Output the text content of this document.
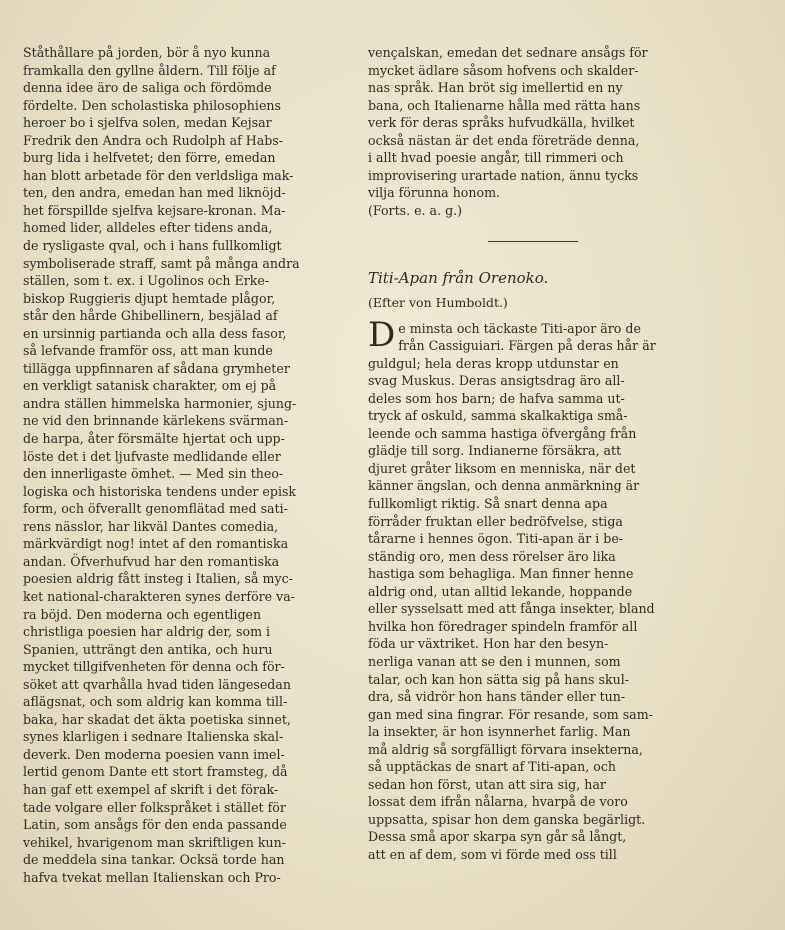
Ståthållare på jorden, bör å nyo kunna
framkalla den gyllne åldern. Till följe af
denna idee äro de saliga och fördömde
fördelte. Den scholastiska philosophiens
heroer bo i sjelfva solen, medan Kejsar
Fredrik den Andra och Rudolph af Habs-
burg lida i helfvetet; den förre, emedan
han blott arbetade för den verldsliga mak-
ten, den andra, emedan han med liknöjd-
het förspillde sjelfva kejsare-kronan. Ma-
homed lider, alldeles efter tidens anda,
de rysligaste qval, och i hans fullkomligt
symboliserade straff, samt på många andra
ställen, som t. ex. i Ugolinos och Erke-
biskop Ruggieris djupt hemtade plågor,
står den hårde Ghibellinern, besjälad af
en ursinnig partianda och alla dess fasor,
så lefvande framför oss, att man kunde
tillägga uppfinnaren af sådana grymheter
en verkligt satanisk charakter, om ej på
andra ställen himmelska harmonier, sjung-
ne vid den brinnande kärlekens svärman-
de harpa, åter försmälte hjertat och upp-
löste det i det ljufvaste medlidande eller
den innerligaste ömhet. — Med sin theo-
logiska och historiska tendens under episk
form, och öfverallt genomflätad med sati-
rens nässlor, har likväl Dantes comedia,
märkvärdigt nog! intet af den romantiska
andan. Öfverhufvud har den romantiska
poesien aldrig fått insteg i Italien, så myc-
ket national-charakteren synes derföre va-
ra böjd. Den moderna och egentligen
christliga poesien har aldrig der, som i
Spanien, utträngt den antika, och huru
mycket tillgifvenheten för denna och för-
söket att qvarhålla hvad tiden längesedan
aflägsnat, och som aldrig kan komma till-
baka, har skadat det äkta poetiska sinnet,
synes klarligen i sednare Italienska skal-
deverk. Den moderna poesien vann imel-
lertid genom Dante ett stort framsteg, då
han gaf ett exempel af skrift i det förak-
tade volgare eller folkspråket i stället för
Latin, som ansågs för den enda passande
vehikel, hvarigenom man skriftligen kun-
de meddela sina tankar. Ocksä torde han
hafva tvekat mellan Italienskan och Pro-
vençalskan, emedan det sednare ansågs för
mycket ädlare såsom hofvens och skalder-
nas språk. Han bröt sig imellertid en ny
bana, och Italienarne hålla med rätta hans
verk för deras språks hufvudkälla, hvilket
också nästan är det enda företräde denna,
i allt hvad poesie angår, till rimmeri och
improvisering urartade nation, ännu tycks
vilja förunna honom.
(Forts. e. a. g.)
Titi-Apan från Orenoko.
(Efter von Humboldt.)
D e minsta och täckaste Titi-apor äro de
från Cassiguiari. Färgen på deras hår är
guldgul; hela deras kropp utdunstar en
svag Muskus. Deras ansigtsdrag äro all-
deles som hos barn; de hafva samma ut-
tryck af oskuld, samma skalkaktiga små-
leende och samma hastiga öfvergång från
glädje till sorg. Indianerne försäkra, att
djuret gråter liksom en menniska, när det
känner ängslan, och denna anmärkning är
fullkomligt riktig. Så snart denna apa
förråder fruktan eller bedröfvelse, stiga
tårarne i hennes ögon. Titi-apan är i be-
ständig oro, men dess rörelser äro lika
hastiga som behagliga. Man finner henne
aldrig ond, utan alltid lekande, hoppande
eller sysselsatt med att fånga insekter, bland
hvilka hon föredrager spindeln framför all
föda ur växtriket. Hon har den besyn-
nerliga vanan att se den i munnen, som
talar, och kan hon sätta sig på hans skul-
dra, så vidrör hon hans tänder eller tun-
gan med sina fingrar. För resande, som sam-
la insekter, är hon isynnerhet farlig. Man
må aldrig så sorgfälligt förvara insekterna,
så upptäckas de snart af Titi-apan, och
sedan hon först, utan att sira sig, har
lossat dem ifrån nålarna, hvarpå de voro
uppsatta, spisar hon dem ganska begärligt.
Dessa små apor skarpa syn går så långt,
att en af dem, som vi förde med oss till
